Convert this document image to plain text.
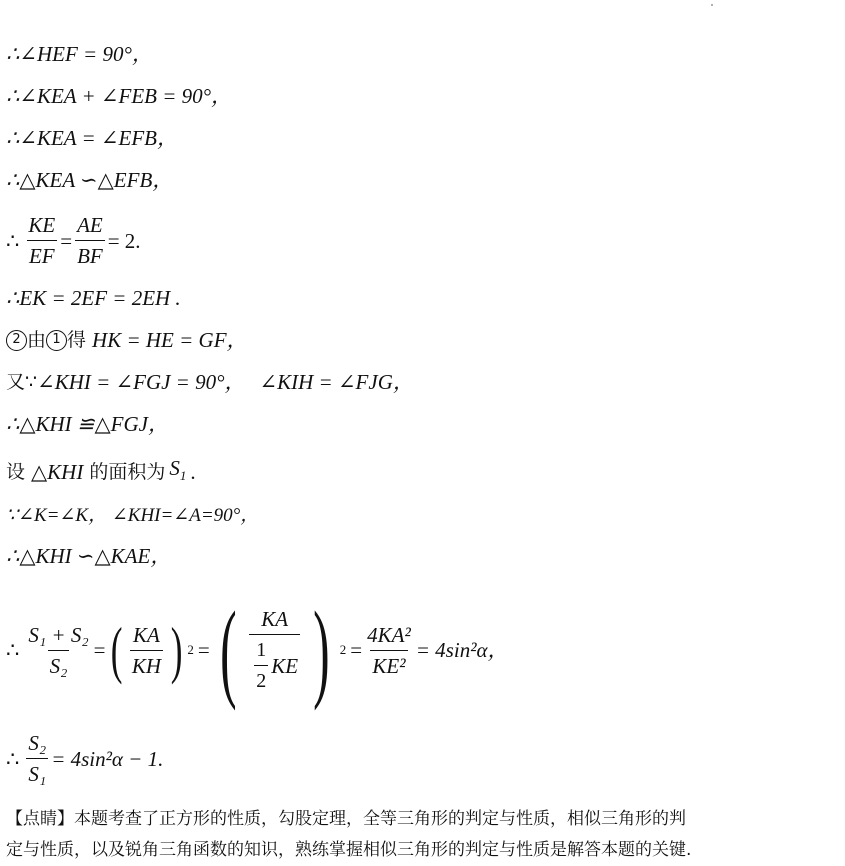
∴∠HEF = 90°，
∴∠KEA + ∠FEB = 90°，
∴∠KEA = ∠EFB，
∴△KEA ∽△EFB，
∴ $\frac{KE}{EF} = \frac{AE}{BF} = 2$.
∴EK = 2EF = 2EH .
2 由 1 得 HK = HE = GF，
又∵ ∠KHI = ∠FGJ = 90°， ∠KIH = ∠FJG，
∴△KHI ≌△FGJ，
设 △KHI 的面积为 $S_1$ .
∵∠K=∠K， ∠KHI=∠A=90°，
∴△KHI ∽△KAE，
∴ $\frac{\text{S₁ + S₂}}{\text{S₂}}$ = ( $\frac{KA}{KH}$ ) 2 = ( $\frac{KA}{\frac{1}{2} KE}$ ) $2 = \frac{\text{4KA²}}{\text{KE²}} = 4\sin^2\alpha$，
∴ $\frac{\text{S₂}}{\text{S₁}} = 4\sin^2\alpha - 1$.
【点睛】本题考查了正方形的性质，勾股定理，全等三角形的判定与性质，相似三角形的判
定与性质，以及锐角三角函数的知识，熟练掌握相似三角形的判定与性质是解答本题的关键.
